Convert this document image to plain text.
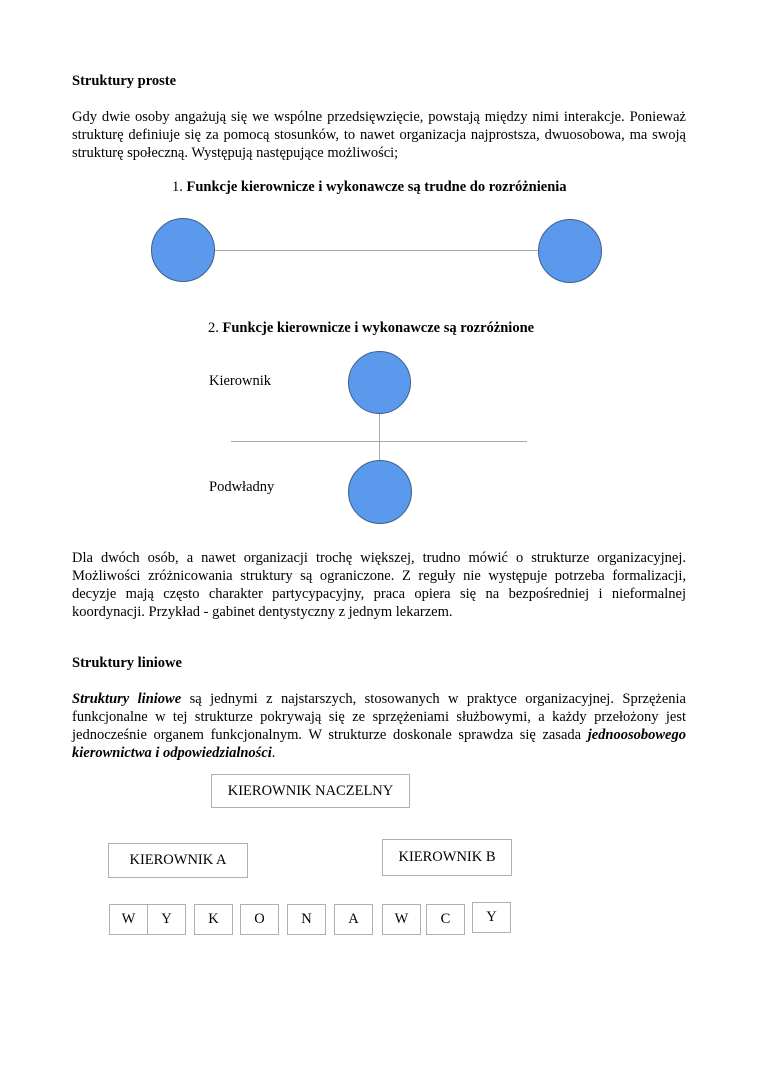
Struktury proste

Gdy dwie osoby angażują się we wspólne przedsięwzięcie, powstają między nimi interakcje. Ponieważ strukturę definiuje się za pomocą stosunków, to nawet organizacja najprostsza, dwuosobowa, ma swoją strukturę społeczną. Występują następujące możliwości;

1. Funkcje kierownicze i wykonawcze są trudne do rozróżnienia
2. Funkcje kierownicze i wykonawcze są rozróżnione
Kierownik
Podwładny

Dla dwóch osób, a nawet organizacji trochę większej, trudno mówić o strukturze organizacyjnej. Możliwości zróżnicowania struktury są ograniczone. Z reguły nie występuje potrzeba formalizacji, decyzje mają często charakter partycypacyjny, praca opiera się na bezpośredniej i nieformalnej koordynacji. Przykład - gabinet dentystyczny z jednym lekarzem.

Struktury liniowe

Struktury liniowe są jednymi z najstarszych, stosowanych w praktyce organizacyjnej. Sprzężenia funkcjonalne w tej strukturze pokrywają się ze sprzężeniami służbowymi, a każdy przełożony jest jednocześnie organem funkcjonalnym. W strukturze doskonale sprawdza się zasada jednoosobowego kierownictwa i odpowiedzialności.

KIEROWNIK NACZELNY
KIEROWNIK A	KIEROWNIK B
W	Y	K	O	N	A	W	C	Y
